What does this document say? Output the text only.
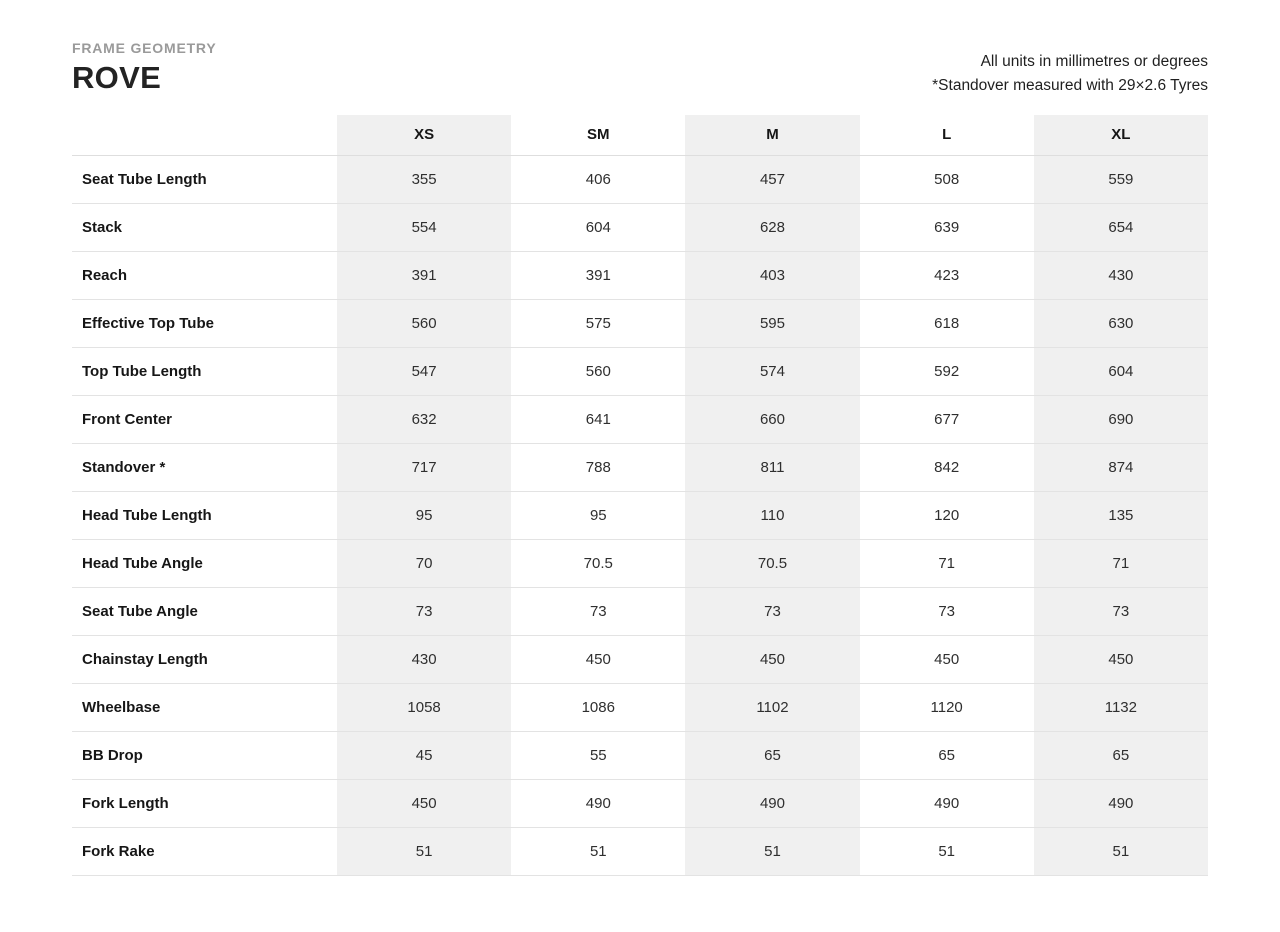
FRAME GEOMETRY
ROVE	All units in millimetres or degrees
*Standover measured with 29×2.6 Tyres
	XS	SM	M	L	XL
Seat Tube Length	355	406	457	508	559
Stack	554	604	628	639	654
Reach	391	391	403	423	430
Effective Top Tube	560	575	595	618	630
Top Tube Length	547	560	574	592	604
Front Center	632	641	660	677	690
Standover *	717	788	811	842	874
Head Tube Length	95	95	110	120	135
Head Tube Angle	70	70.5	70.5	71	71
Seat Tube Angle	73	73	73	73	73
Chainstay Length	430	450	450	450	450
Wheelbase	1058	1086	1102	1120	1132
BB Drop	45	55	65	65	65
Fork Length	450	490	490	490	490
Fork Rake	51	51	51	51	51
